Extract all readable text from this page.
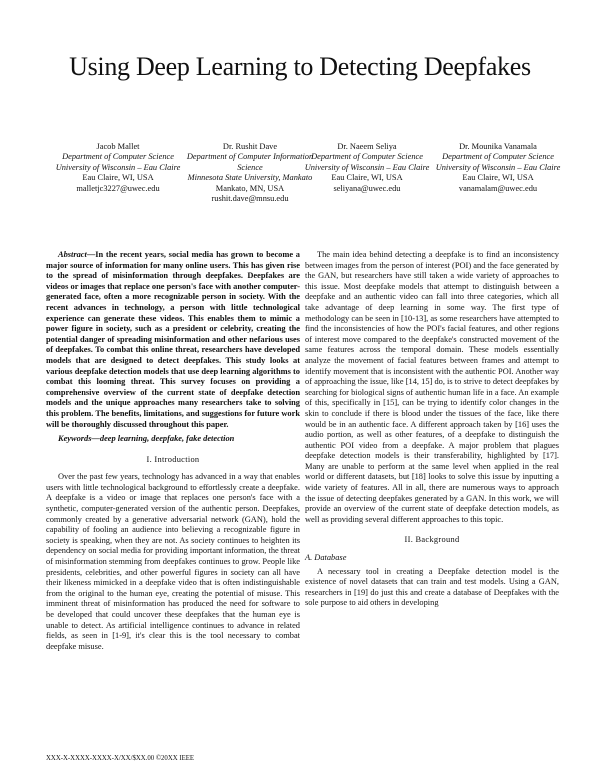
Using Deep Learning to Detecting Deepfakes
Jacob Mallet
Department of Computer Science
University of Wisconsin – Eau Claire
Eau Claire, WI, USA
malletjc3227@uwec.edu
Dr. Rushit Dave
Department of Computer Information Science
Minnesota State University, Mankato
Mankato, MN, USA
rushit.dave@mnsu.edu
Dr. Naeem Seliya
Department of Computer Science
University of Wisconsin – Eau Claire
Eau Claire, WI, USA
seliyana@uwec.edu
Dr. Mounika Vanamala
Department of Computer Science
University of Wisconsin – Eau Claire
Eau Claire, WI, USA
vanamalam@uwec.edu

Abstract—In the recent years, social media has grown to become a major source of information for many online users. This has given rise to the spread of misinformation through deepfakes. Deepfakes are videos or images that replace one person's face with another computer-generated face, often a more recognizable person in society. With the recent advances in technology, a person with little technological experience can generate these videos. This enables them to mimic a power figure in society, such as a president or celebrity, creating the potential danger of spreading misinformation and other nefarious uses of deepfakes. To combat this online threat, researchers have developed models that are designed to detect deepfakes. This study looks at various deepfake detection models that use deep learning algorithms to combat this looming threat. This survey focuses on providing a comprehensive overview of the current state of deepfake detection models and the unique approaches many researchers take to solving this problem. The benefits, limitations, and suggestions for future work will be thoroughly discussed throughout this paper.

Keywords—deep learning, deepfake, fake detection

I. Introduction

Over the past few years, technology has advanced in a way that enables users with little technological background to effortlessly create a deepfake. A deepfake is a video or image that replaces one person's face with a synthetic, computer-generated version of the authentic person. Deepfakes, commonly created by a generative adversarial network (GAN), hold the capability of fooling an audience into believing a recognizable figure in society is speaking, when they are not. As society continues to heighten its dependency on social media for providing important information, the threat of misinformation stemming from deepfakes continues to grow. People like presidents, celebrities, and other powerful figures in society can all have their likeness mimicked in a deepfake video that is often indistinguishable from the original to the human eye, creating the potential of misuse. This imminent threat of misinformation has produced the need for software to be developed that could uncover these deepfakes that the human eye is unable to detect. As artificial intelligence continues to advance in related fields, as seen in [1-9], it's clear this is the tool necessary to combat deepfake misuse.

The main idea behind detecting a deepfake is to find an inconsistency between images from the person of interest (POI) and the face generated by the GAN, but researchers have still taken a wide variety of approaches to this issue. Most deepfake models that attempt to distinguish between a deepfake and an authentic video can fall into three categories, which all take advantage of deep learning in some way. The first type of methodology can be seen in [10-13], as some researchers have attempted to find the inconsistencies of how the POI's facial features, and other regions of interest move compared to the deepfake's constructed movement of the same features across the temporal domain. These models essentially analyze the movement of facial features between frames and attempt to identify movement that is inconsistent with the authentic POI. Another way of approaching the issue, like [14, 15] do, is to strive to detect deepfakes by searching for biological signs of authentic human life in a face. An example of this, specifically in [15], can be trying to identify color changes in the skin to conclude if there is blood under the tissues of the face, like there would be in an authentic face. A different approach taken by [16] uses the audio portion, as well as other features, of a deepfake to distinguish the authentic POI video from a deepfake. A major problem that plagues deepfake detection models is their transferability, highlighted by [17]. Many are unable to perform at the same level when applied in the real world or different datasets, but [18] looks to solve this issue by inputting a wide variety of features. All in all, there are numerous ways to approach the issue of detecting deepfakes generated by a GAN. In this work, we will provide an overview of the current state of deepfake detection models, as well as providing several different approaches to this topic.

II. Background
A. Database

A necessary tool in creating a Deepfake detection model is the existence of novel datasets that can train and test models. Using a GAN, researchers in [19] do just this and create a database of Deepfakes with the sole purpose to aid others in developing

XXX-X-XXXX-XXXX-X/XX/$XX.00 ©20XX IEEE
